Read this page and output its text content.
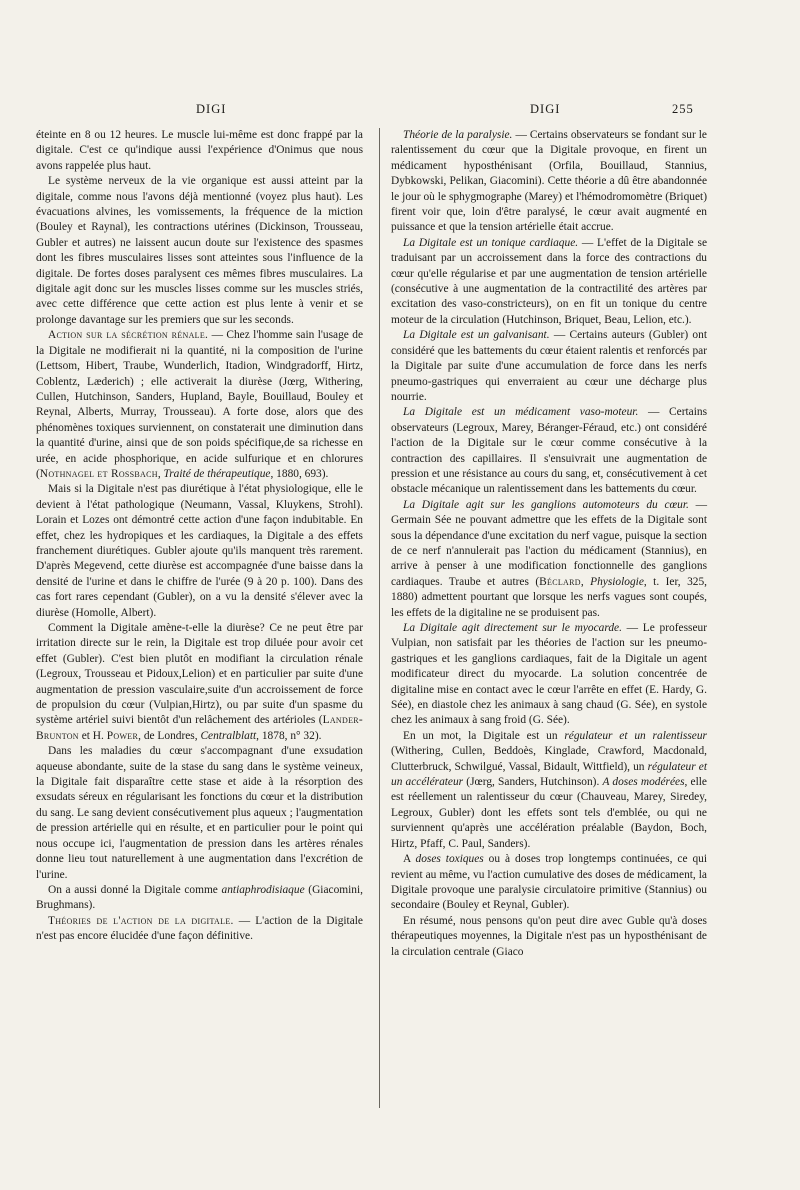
DIGI	DIGI	255

éteinte en 8 ou 12 heures. Le muscle lui-même est donc frappé par la digitale. C'est ce qu'indique aussi l'expérience d'Onimus que nous avons rappelée plus haut.

Le système nerveux de la vie organique est aussi atteint par la digitale, comme nous l'avons déjà mentionné (voyez plus haut). Les évacuations alvines, les vomissements, la fréquence de la miction (Bouley et Raynal), les contractions utérines (Dickinson, Trousseau, Gubler et autres) ne laissent aucun doute sur l'existence des spasmes dont les fibres musculaires lisses sont atteintes sous l'influence de la digitale. De fortes doses paralysent ces mêmes fibres musculaires. La digitale agit donc sur les muscles lisses comme sur les muscles striés, avec cette différence que cette action est plus lente à venir et se prolonge davantage sur les premiers que sur les seconds.

Action sur la sécrétion rénale. — Chez l'homme sain l'usage de la Digitale ne modifierait ni la quantité, ni la composition de l'urine (Lettsom, Hibert, Traube, Wunderlich, Itadion, Windgradorff, Hirtz, Coblentz, Læderich) ; elle activerait la diurèse (Jœrg, Withering, Cullen, Hutchinson, Sanders, Hupland, Bayle, Bouillaud, Bouley et Reynal, Alberts, Murray, Trousseau). A forte dose, alors que des phénomènes toxiques surviennent, on constaterait une diminution dans la quantité d'urine, ainsi que de son poids spécifique,de sa richesse en urée, en acide phosphorique, en acide sulfurique et en chlorures (Nothnagel et Rossbach, Traité de thérapeutique, 1880, 693).

Mais si la Digitale n'est pas diurétique à l'état physiologique, elle le devient à l'état pathologique (Neumann, Vassal, Kluykens, Strohl). Lorain et Lozes ont démontré cette action d'une façon indubitable. En effet, chez les hydropiques et les cardiaques, la Digitale a des effets franchement diurétiques. Gubler ajoute qu'ils manquent très rarement. D'après Megevend, cette diurèse est accompagnée d'une baisse dans la densité de l'urine et dans le chiffre de l'urée (9 à 20 p. 100). Dans des cas fort rares cependant (Gubler), on a vu la densité s'élever avec la diurèse (Homolle, Albert).

Comment la Digitale amène-t-elle la diurèse? Ce ne peut être par irritation directe sur le rein, la Digitale est trop diluée pour avoir cet effet (Gubler). C'est bien plutôt en modifiant la circulation rénale (Legroux, Trousseau et Pidoux,Lelion) et en particulier par suite d'une augmentation de pression vasculaire,suite d'un accroissement de force de propulsion du cœur (Vulpian,Hirtz), ou par suite d'un spasme du système artériel suivi bientôt d'un relâchement des artérioles (Lander-Brunton et H. Power, de Londres, Centralblatt, 1878, n° 32).

Dans les maladies du cœur s'accompagnant d'une exsudation aqueuse abondante, suite de la stase du sang dans le système veineux, la Digitale fait disparaître cette stase et aide à la résorption des exsudats séreux en régularisant les fonctions du cœur et la distribution du sang. Le sang devient consécutivement plus aqueux ; l'augmentation de pression artérielle qui en résulte, et en particulier pour le point qui nous occupe ici, l'augmentation de pression dans les artères rénales donne lieu tout naturellement à une augmentation dans l'excrétion de l'urine.

On a aussi donné la Digitale comme antiaphrodisiaque (Giacomini, Brughmans).

Théories de l'action de la digitale. — L'action de la Digitale n'est pas encore élucidée d'une façon définitive.

Théorie de la paralysie. — Certains observateurs se fondant sur le ralentissement du cœur que la Digitale provoque, en firent un médicament hyposthénisant (Orfila, Bouillaud, Stannius, Dybkowski, Pelikan, Giacomini). Cette théorie a dû être abandonnée le jour où le sphygmographe (Marey) et l'hémodromomètre (Briquet) firent voir que, loin d'être paralysé, le cœur avait augmenté en puissance et que la tension artérielle était accrue.

La Digitale est un tonique cardiaque. — L'effet de la Digitale se traduisant par un accroissement dans la force des contractions du cœur qu'elle régularise et par une augmentation de tension artérielle (consécutive à une augmentation de la contractilité des artères par excitation des vaso-constricteurs), on en fit un tonique du centre moteur de la circulation (Hutchinson, Briquet, Beau, Lelion, etc.).

La Digitale est un galvanisant. — Certains auteurs (Gubler) ont considéré que les battements du cœur étaient ralentis et renforcés par la Digitale par suite d'une accumulation de force dans les nerfs pneumo-gastriques qui enverraient au cœur une décharge plus nourrie.

La Digitale est un médicament vaso-moteur. — Certains observateurs (Legroux, Marey, Béranger-Féraud, etc.) ont considéré l'action de la Digitale sur le cœur comme consécutive à la contraction des capillaires. Il s'ensuivrait une augmentation de pression et une résistance au cours du sang, et, consécutivement à cet obstacle mécanique un ralentissement dans les battements du cœur.

La Digitale agit sur les ganglions automoteurs du cœur. — Germain Sée ne pouvant admettre que les effets de la Digitale sont sous la dépendance d'une excitation du nerf vague, puisque la section de ce nerf n'annulerait pas l'action du médicament (Stannius), en arrive à penser à une modification fonctionnelle des ganglions cardiaques. Traube et autres (Béclard, Physiologie, t. Ier, 325, 1880) admettent pourtant que lorsque les nerfs vagues sont coupés, les effets de la digitaline ne se produisent pas.

La Digitale agit directement sur le myocarde. — Le professeur Vulpian, non satisfait par les théories de l'action sur les pneumo-gastriques et les ganglions cardiaques, fait de la Digitale un agent modificateur direct du myocarde. La solution concentrée de digitaline mise en contact avec le cœur l'arrête en effet (E. Hardy, G. Sée), en diastole chez les animaux à sang chaud (G. Sée), en systole chez les animaux à sang froid (G. Sée).

En un mot, la Digitale est un régulateur et un ralentisseur (Withering, Cullen, Beddoès, Kinglade, Crawford, Macdonald, Clutterbruck, Schwilgué, Vassal, Bidault, Wittfield), un régulateur et un accélérateur (Jœrg, Sanders, Hutchinson). A doses modérées, elle est réellement un ralentisseur du cœur (Chauveau, Marey, Siredey, Legroux, Gubler) dont les effets sont tels d'emblée, ou qui ne surviennent qu'après une accélération préalable (Baydon, Boch, Hirtz, Pfaff, C. Paul, Sanders).

A doses toxiques ou à doses trop longtemps continuées, ce qui revient au même, vu l'action cumulative des doses de médicament, la Digitale provoque une paralysie circulatoire primitive (Stannius) ou secondaire (Bouley et Reynal, Gubler).

En résumé, nous pensons qu'on peut dire avec Guble qu'à doses thérapeutiques moyennes, la Digitale n'est pas un hyposthénisant de la circulation centrale (Giaco
